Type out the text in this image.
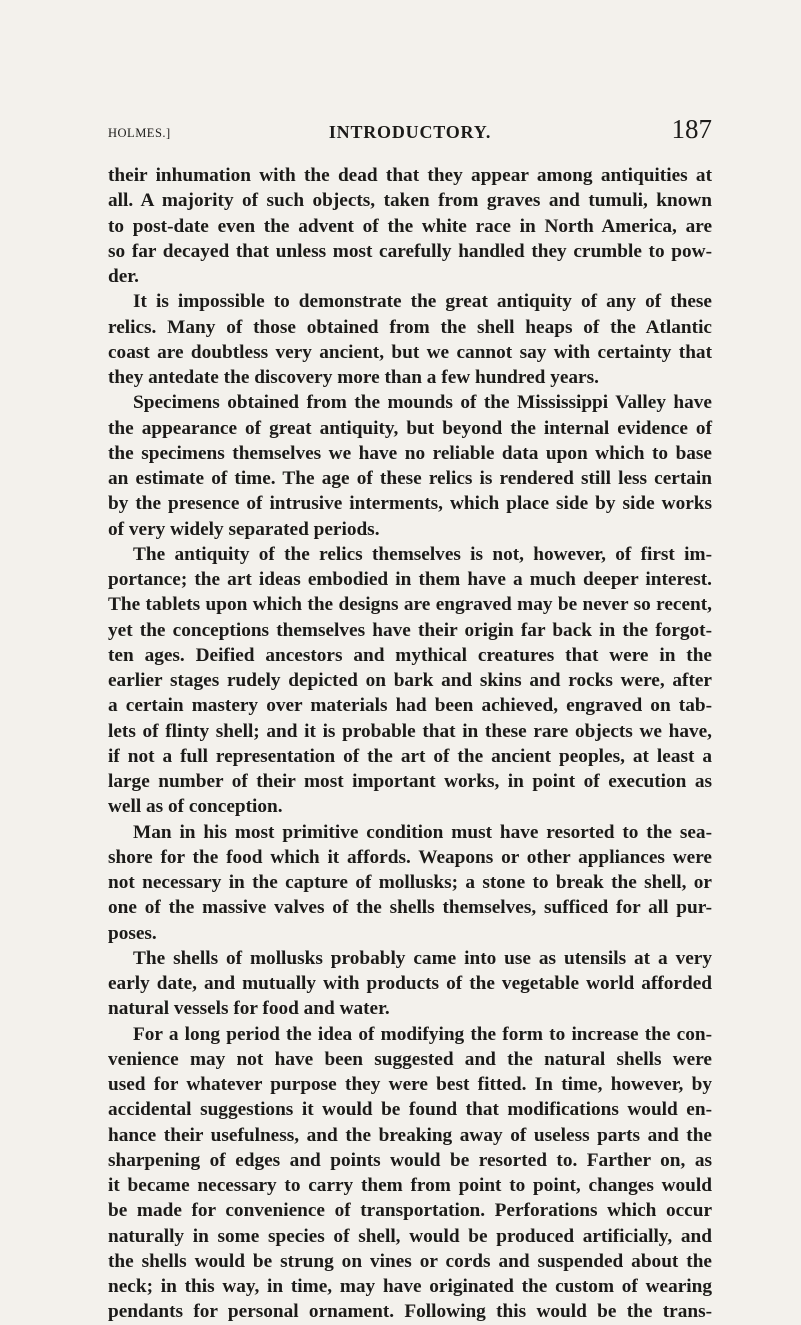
HOLMES.]	INTRODUCTORY.	187
their inhumation with the dead that they appear among antiquities at
all. A majority of such objects, taken from graves and tumuli, known
to post-date even the advent of the white race in North America, are
so far decayed that unless most carefully handled they crumble to pow-
der.
It is impossible to demonstrate the great antiquity of any of these
relics. Many of those obtained from the shell heaps of the Atlantic
coast are doubtless very ancient, but we cannot say with certainty that
they antedate the discovery more than a few hundred years.
Specimens obtained from the mounds of the Mississippi Valley have
the appearance of great antiquity, but beyond the internal evidence of
the specimens themselves we have no reliable data upon which to base
an estimate of time. The age of these relics is rendered still less certain
by the presence of intrusive interments, which place side by side works
of very widely separated periods.
The antiquity of the relics themselves is not, however, of first im-
portance; the art ideas embodied in them have a much deeper interest.
The tablets upon which the designs are engraved may be never so recent,
yet the conceptions themselves have their origin far back in the forgot-
ten ages. Deified ancestors and mythical creatures that were in the
earlier stages rudely depicted on bark and skins and rocks were, after
a certain mastery over materials had been achieved, engraved on tab-
lets of flinty shell; and it is probable that in these rare objects we have,
if not a full representation of the art of the ancient peoples, at least a
large number of their most important works, in point of execution as
well as of conception.
Man in his most primitive condition must have resorted to the sea-
shore for the food which it affords. Weapons or other appliances were
not necessary in the capture of mollusks; a stone to break the shell, or
one of the massive valves of the shells themselves, sufficed for all pur-
poses.
The shells of mollusks probably came into use as utensils at a very
early date, and mutually with products of the vegetable world afforded
natural vessels for food and water.
For a long period the idea of modifying the form to increase the con-
venience may not have been suggested and the natural shells were
used for whatever purpose they were best fitted. In time, however, by
accidental suggestions it would be found that modifications would en-
hance their usefulness, and the breaking away of useless parts and the
sharpening of edges and points would be resorted to. Farther on, as
it became necessary to carry them from point to point, changes would
be made for convenience of transportation. Perforations which occur
naturally in some species of shell, would be produced artificially, and
the shells would be strung on vines or cords and suspended about the
neck; in this way, in time, may have originated the custom of wearing
pendants for personal ornament. Following this would be the trans-
